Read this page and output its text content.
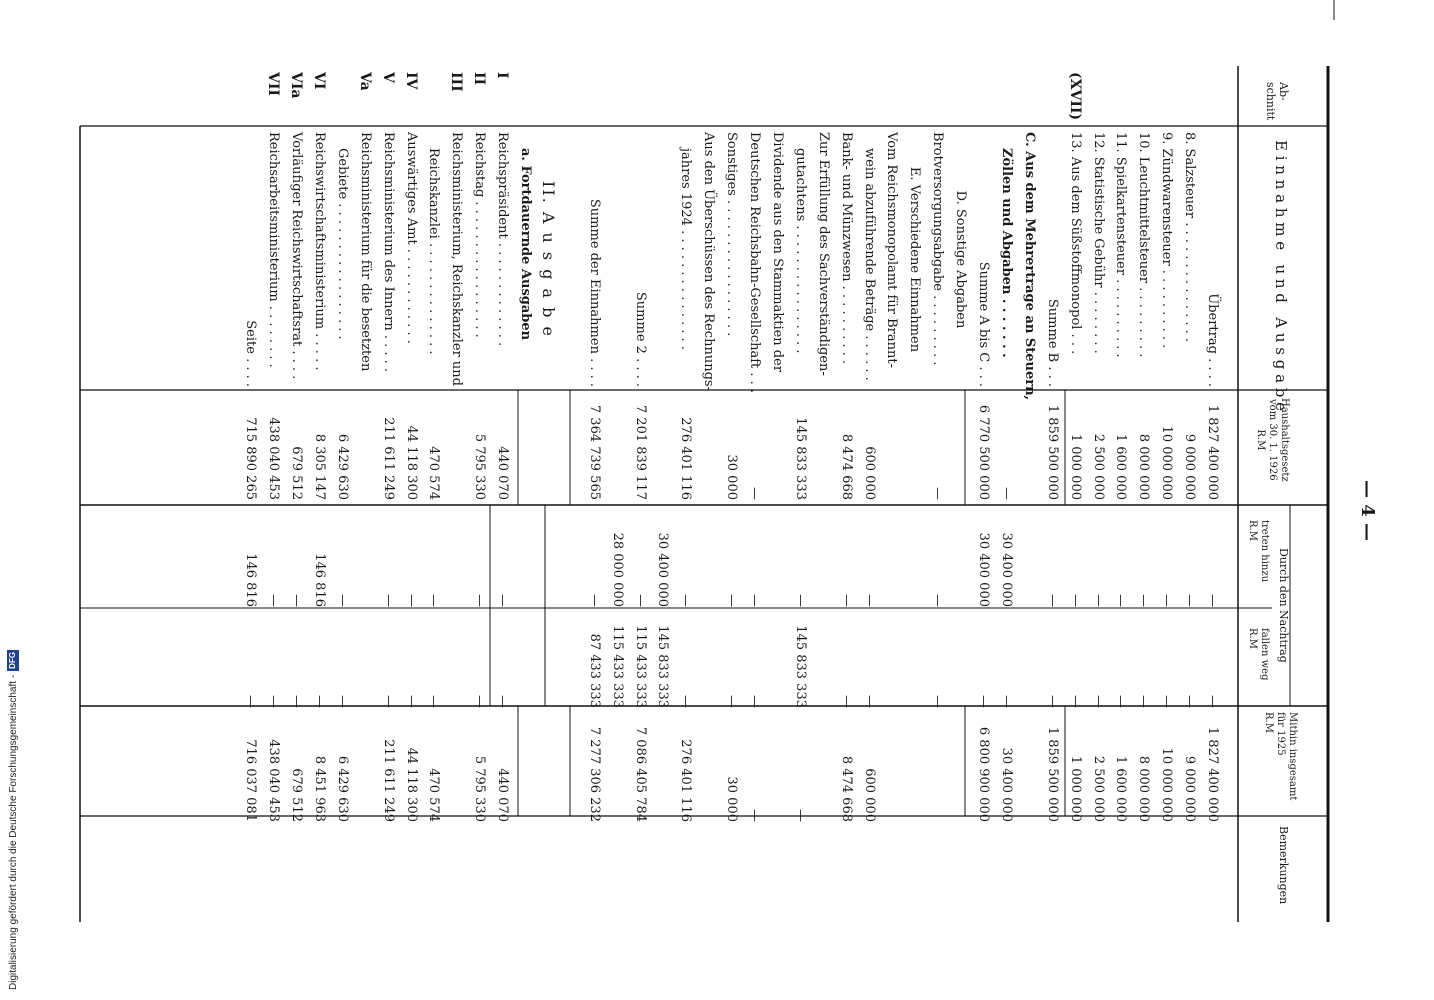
— 4 —
Ab-
schnitt
E i n n a h m e   u n d   A u s g a b e
Haushaltsgesetz
vom 30. 1. 1926
R.M
Durch den Nachtrag
treten hinzu
R.M
fallen weg
R.M
Mithin insgesamt
für 1925
R.M
Bemerkungen
Übertrag . . . .
1 827 400 000
—
—
1 827 400 000
8. Salzsteuer . . . . . . . . . . . . . . .
9 000 000
—
—
9 000 000
9. Zündwarensteuer . . . . . . . . . .
10 000 000
—
—
10 000 000
10. Leuchtmittelsteuer . . . . . . . . .
8 000 000
—
—
8 000 000
11. Spielkartensteuer . . . . . . . . . .
1 600 000
—
—
1 600 000
12. Statistische Gebühr . . . . . . . .
2 500 000
—
—
2 500 000
(XVII)
13. Aus dem Süßstoffmonopol . . .
1 000 000
—
—
1 000 000
Summe B . . .
1 859 500 000
—
—
1 859 500 000
C. Aus dem Mehrertrage an Steuern,
Zöllen und Abgaben . . . . . . .
—
30 400 000
—
30 400 000
Summe A bis C . . .
6 770 500 000
30 400 000
—
6 800 900 000
D. Sonstige Abgaben
Brotversorgungsabgabe . . . . . . . . .
—
—
—
E. Verschiedene Einnahmen
Vom Reichsmonopolamt für Brannt-
wein abzuführende Beträge . . . . . .
600 000
—
—
600 000
Bank- und Münzwesen . . . . . . . . . .
8 474 668
—
—
8 474 668
Zur Erfüllung des Sachverständigen-
gutachtens . . . . . . . . . . . . . . . .
145 833 333
—
145 833 333
—
Dividende aus den Stammaktien der
Deutschen Reichsbahn-Gesellschaft . . .
—
—
—
—
Sonstiges . . . . . . . . . . . . . . . . .
30 000
—
—
30 000
Aus den Überschüssen des Rechnungs-
jahres 1924 . . . . . . . . . . . . . . .
276 401 116
—
—
276 401 116
30 400 000
145 833 333
Summe 2 . . . .
7 201 839 117
—
115 433 333
7 086 405 784
28 000 000
115 433 333
Summe der Einnahmen . . . .
7 364 739 565
—
87 433 333
7 277 306 232
II. A u s g a b e
a. Fortdauernde Ausgaben
I
Reichspräsident . . . . . . . . . . . . .
440 070
—
—
440 070
II
Reichstag . . . . . . . . . . . . . . . . .
5 795 330
—
—
5 795 330
III
Reichsministerium, Reichskanzler und
Reichskanzlei . . . . . . . . . . . . . .
470 574
—
—
470 574
IV
Auswärtiges Amt . . . . . . . . . . . .
44 118 300
—
—
44 118 300
V
Reichsministerium des Innern . . . . .
211 611 249
—
—
211 611 249
Va
Reichsministerium für die besetzten
Gebiete . . . . . . . . . . . . . . . . .
6 429 630
—
—
6 429 630
VI
Reichswirtschaftsministerium . . . . .
8 305 147
146 816
—
8 451 963
VIa
Vorläufiger Reichswirtschaftsrat . . . .
679 512
—
—
679 512
VII
Reichsarbeitsministerium . . . . . . . .
438 040 453
—
—
438 040 453
Seite . . . .
715 890 265
146 816
—
716 037 081
Digitalisierung gefördert durch die Deutsche Forschungsgemeinschaft -
DFG
